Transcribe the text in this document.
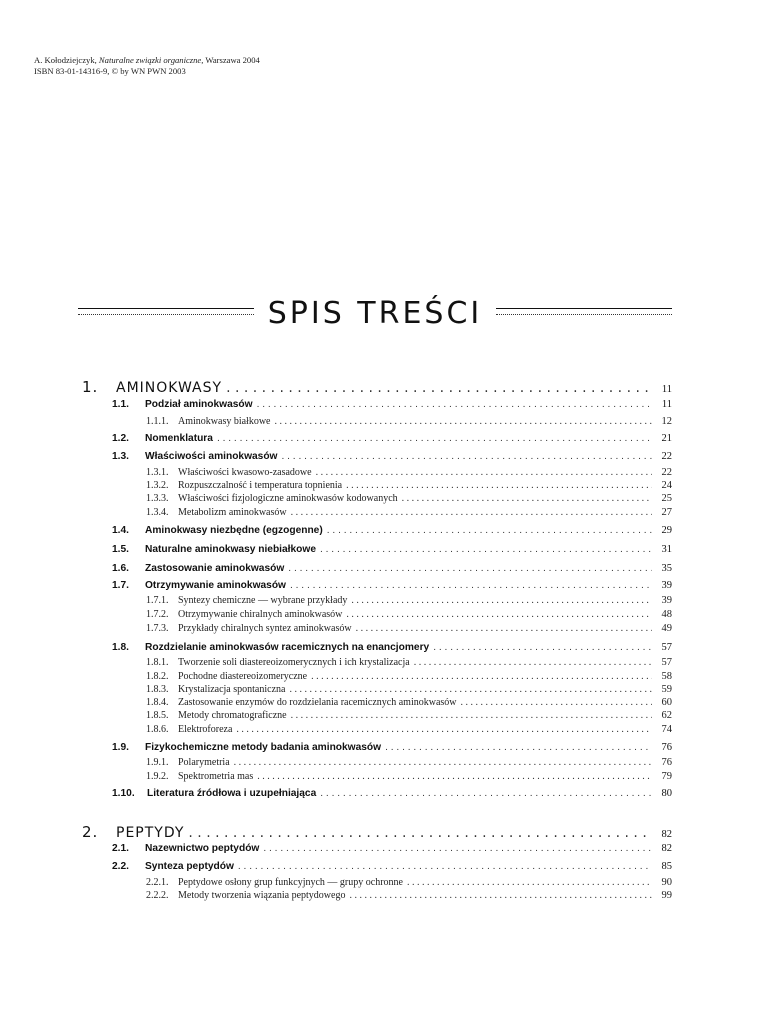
A. Kołodziejczyk, Naturalne związki organiczne, Warszawa 2004
ISBN 83-01-14316-9, © by WN PWN 2003
SPIS TREŚCI
1.	AMINOKWASY . . .	11
1.1.	Podział aminokwasów . . .	11
1.1.1. Aminokwasy białkowe . . .	12
1.2.	Nomenklatura . . .	21
1.3.	Właściwości aminokwasów . . .	22
1.3.1. Właściwości kwasowo-zasadowe . . .	22
1.3.2. Rozpuszczalność i temperatura topnienia . . .	24
1.3.3. Właściwości fizjologiczne aminokwasów kodowanych . . .	25
1.3.4. Metabolizm aminokwasów . . .	27
1.4.	Aminokwasy niezbędne (egzogenne) . . .	29
1.5.	Naturalne aminokwasy niebiałkowe . . .	31
1.6.	Zastosowanie aminokwasów . . .	35
1.7.	Otrzymywanie aminokwasów . . .	39
1.7.1. Syntezy chemiczne — wybrane przykłady . . .	39
1.7.2. Otrzymywanie chiralnych aminokwasów . . .	48
1.7.3. Przykłady chiralnych syntez aminokwasów . . .	49
1.8.	Rozdzielanie aminokwasów racemicznych na enancjomery . . .	57
1.8.1. Tworzenie soli diastereoizomerycznych i ich krystalizacja . . .	57
1.8.2. Pochodne diastereoizomeryczne . . .	58
1.8.3. Krystalizacja spontaniczna . . .	59
1.8.4. Zastosowanie enzymów do rozdzielania racemicznych aminokwasów . . .	60
1.8.5. Metody chromatograficzne . . .	62
1.8.6. Elektroforeza . . .	74
1.9.	Fizykochemiczne metody badania aminokwasów . . .	76
1.9.1. Polarymetria . . .	76
1.9.2. Spektrometria mas . . .	79
1.10.	Literatura źródłowa i uzupełniająca . . .	80
2.	PEPTYDY . . .	82
2.1.	Nazewnictwo peptydów . . .	82
2.2.	Synteza peptydów . . .	85
2.2.1. Peptydowe osłony grup funkcyjnych — grupy ochronne . . .	90
2.2.2. Metody tworzenia wiązania peptydowego . . .	99
